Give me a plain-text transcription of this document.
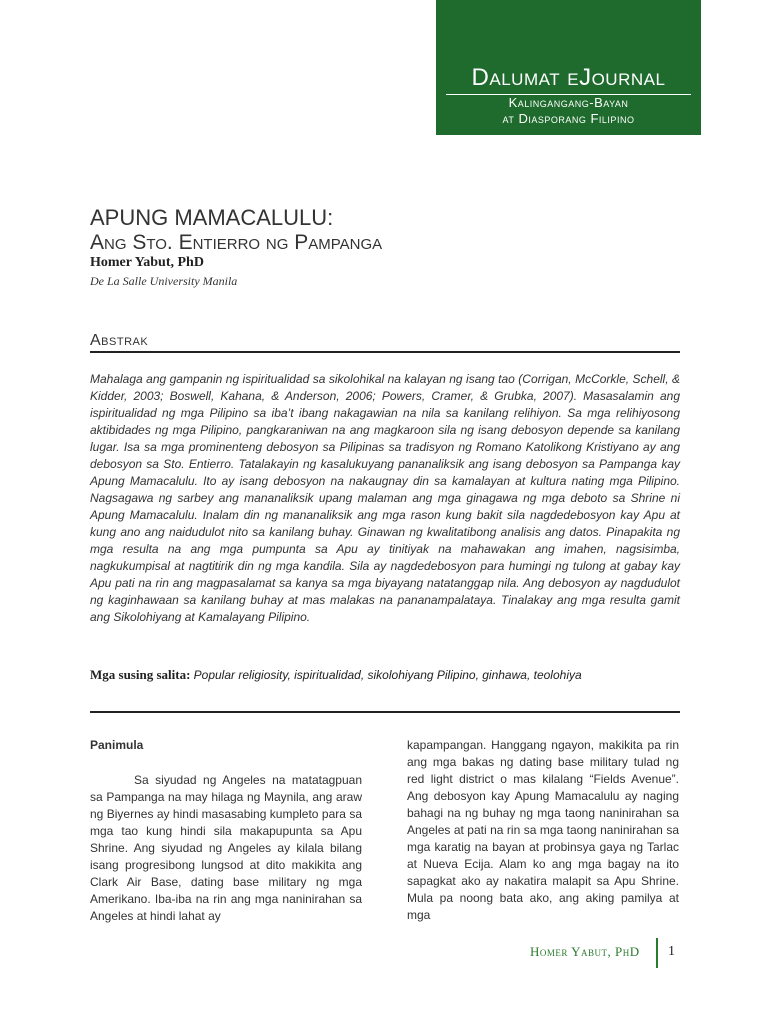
Dalumat eJournal
Kalingangang-Bayan
at Diasporang Filipino
APUNG MAMACALULU:
Ang Sto. Entierro ng Pampanga
Homer Yabut, PhD
De La Salle University Manila
Abstrak
Mahalaga ang gampanin ng ispiritualidad sa sikolohikal na kalayan ng isang tao (Corrigan, McCorkle, Schell, & Kidder, 2003; Boswell, Kahana, & Anderson, 2006; Powers, Cramer, & Grubka, 2007). Masasalamin ang ispiritualidad ng mga Pilipino sa iba’t ibang nakagawian na nila sa kanilang relihiyon. Sa mga relihiyosong aktibidades ng mga Pilipino, pangkaraniwan na ang magkaroon sila ng isang debosyon depende sa kanilang lugar. Isa sa mga prominenteng debosyon sa Pilipinas sa tradisyon ng Romano Katolikong Kristiyano ay ang debosyon sa Sto. Entierro. Tatalakayin ng kasalukuyang pananaliksik ang isang debosyon sa Pampanga kay Apung Mamacalulu. Ito ay isang debosyon na nakaugnay din sa kamalayan at kultura nating mga Pilipino. Nagsagawa ng sarbey ang mananaliksik upang malaman ang mga ginagawa ng mga deboto sa Shrine ni Apung Mamacalulu. Inalam din ng mananaliksik ang mga rason kung bakit sila nagdedebosyon kay Apu at kung ano ang naidudulot nito sa kanilang buhay. Ginawan ng kwalitatibong analisis ang datos. Pinapakita ng mga resulta na ang mga pumpunta sa Apu ay tinitiyak na mahawakan ang imahen, nagsisimba, nagkukumpisal at nagtitirik din ng mga kandila. Sila ay nagdedebosyon para humingi ng tulong at gabay kay Apu pati na rin ang magpasalamat sa kanya sa mga biyayang natatanggap nila. Ang debosyon ay nagdudulot ng kaginhawaan sa kanilang buhay at mas malakas na pananampalataya. Tinalakay ang mga resulta gamit ang Sikolohiyang at Kamalayang Pilipino.
Mga susing salita: Popular religiosity, ispiritualidad, sikolohiyang Pilipino, ginhawa, teolohiya
Panimula
Sa siyudad ng Angeles na matatagpuan sa Pampanga na may hilaga ng Maynila, ang araw ng Biyernes ay hindi masasabing kumpleto para sa mga tao kung hindi sila makapupunta sa Apu Shrine. Ang siyudad ng Angeles ay kilala bilang isang progresibong lungsod at dito makikita ang Clark Air Base, dating base military ng mga Amerikano. Iba-iba na rin ang mga naninirahan sa Angeles at hindi lahat ay
kapampangan. Hanggang ngayon, makikita pa rin ang mga bakas ng dating base military tulad ng red light district o mas kilalang “Fields Avenue”. Ang debosyon kay Apung Mamacalulu ay naging bahagi na ng buhay ng mga taong naninirahan sa Angeles at pati na rin sa mga taong naninirahan sa mga karatig na bayan at probinsya gaya ng Tarlac at Nueva Ecija. Alam ko ang mga bagay na ito sapagkat ako ay nakatira malapit sa Apu Shrine. Mula pa noong bata ako, ang aking pamilya at mga
Homer Yabut, PhD 1
